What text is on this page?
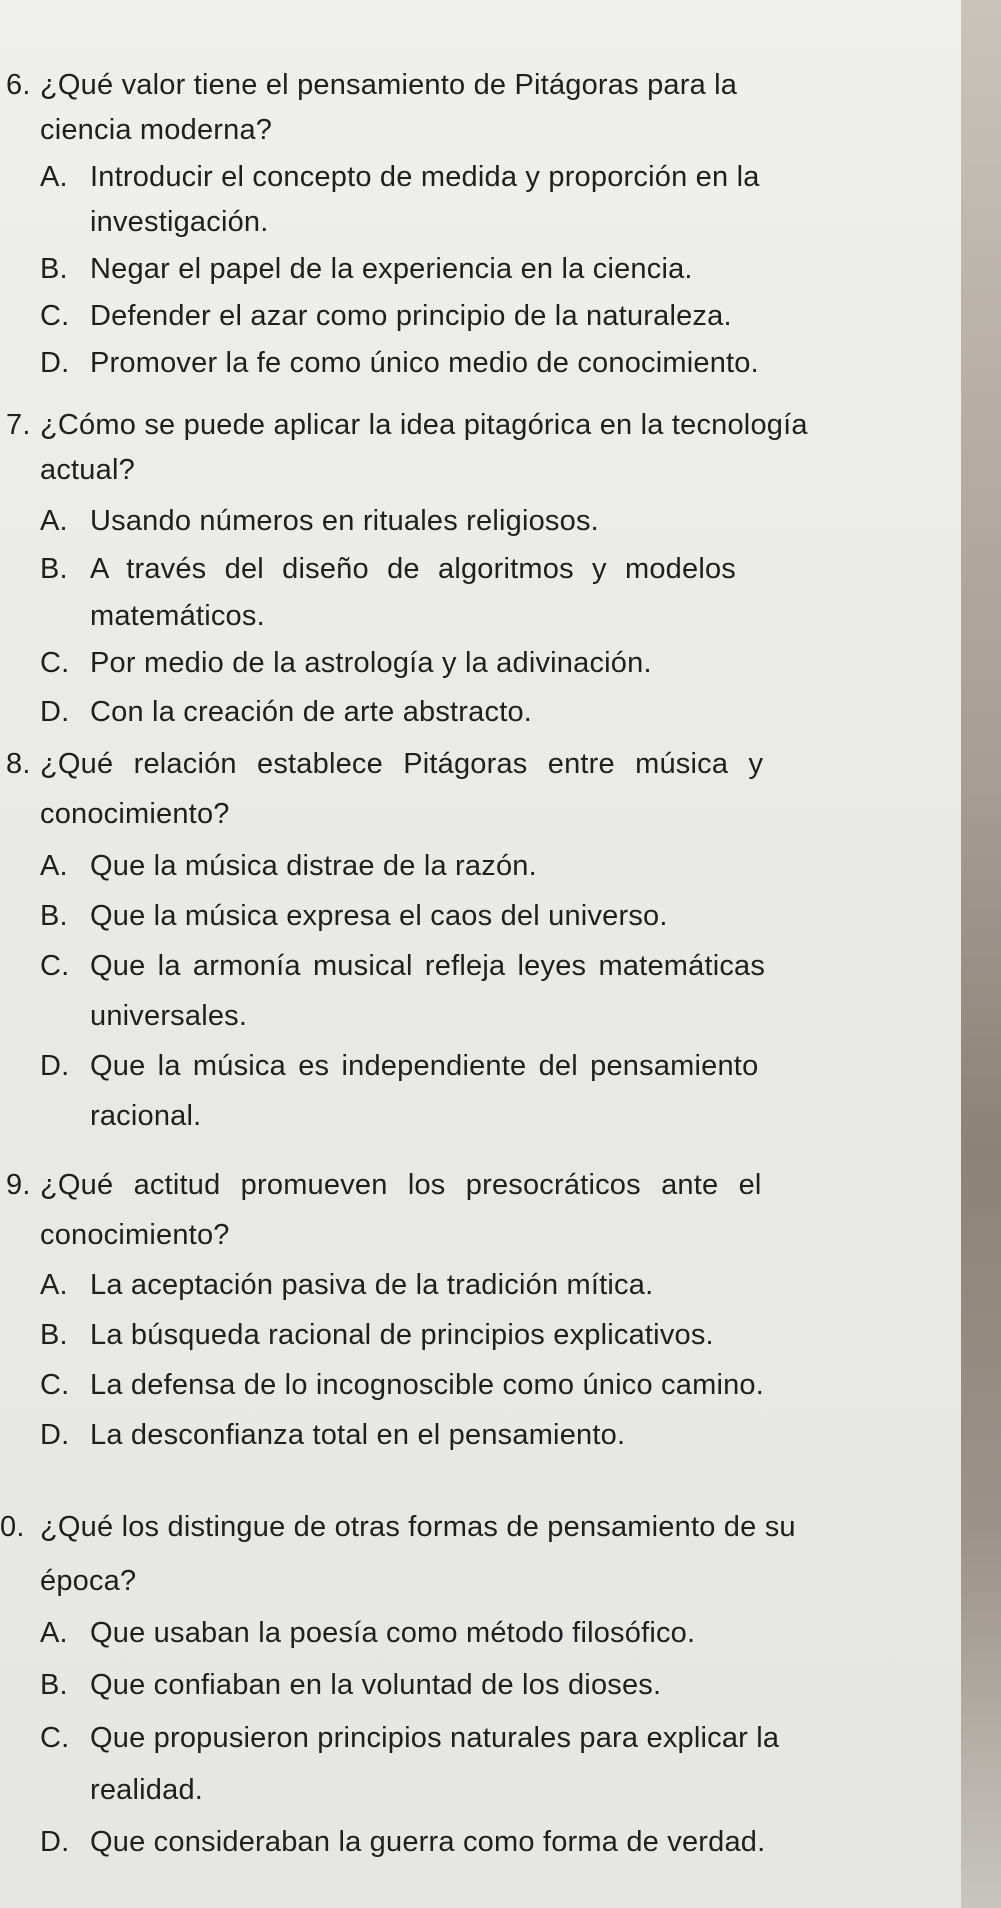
6. ¿Qué valor tiene el pensamiento de Pitágoras para la
ciencia moderna?
A. Introducir el concepto de medida y proporción en la
investigación.
B. Negar el papel de la experiencia en la ciencia.
C. Defender el azar como principio de la naturaleza.
D. Promover la fe como único medio de conocimiento.
7. ¿Cómo se puede aplicar la idea pitagórica en la tecnología
actual?
A. Usando números en rituales religiosos.
B. A través del diseño de algoritmos y modelos
matemáticos.
C. Por medio de la astrología y la adivinación.
D. Con la creación de arte abstracto.
8. ¿Qué relación establece Pitágoras entre música y
conocimiento?
A. Que la música distrae de la razón.
B. Que la música expresa el caos del universo.
C. Que la armonía musical refleja leyes matemáticas
universales.
D. Que la música es independiente del pensamiento
racional.
9. ¿Qué actitud promueven los presocráticos ante el
conocimiento?
A. La aceptación pasiva de la tradición mítica.
B. La búsqueda racional de principios explicativos.
C. La defensa de lo incognoscible como único camino.
D. La desconfianza total en el pensamiento.
0. ¿Qué los distingue de otras formas de pensamiento de su
época?
A. Que usaban la poesía como método filosófico.
B. Que confiaban en la voluntad de los dioses.
C. Que propusieron principios naturales para explicar la
realidad.
D. Que consideraban la guerra como forma de verdad.
